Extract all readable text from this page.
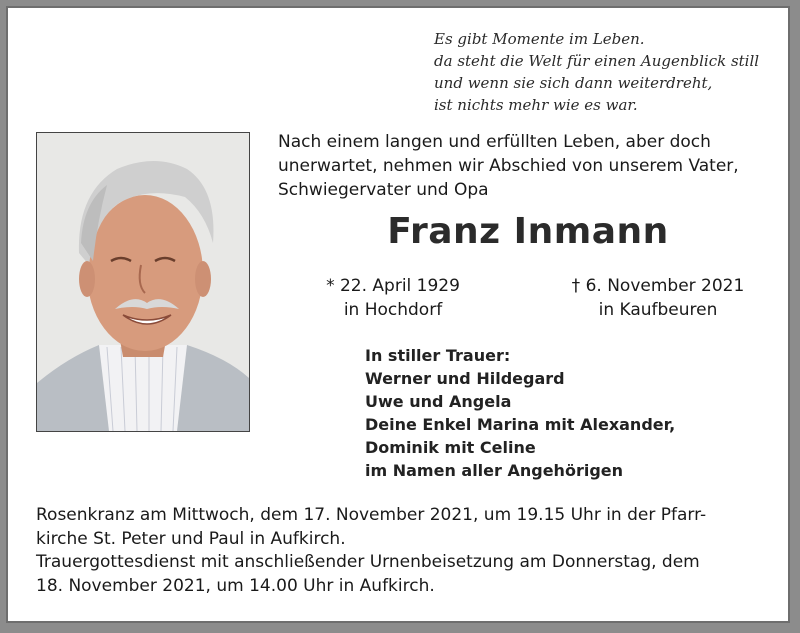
Es gibt Momente im Leben.
da steht die Welt für einen Augenblick still
und wenn sie sich dann weiterdreht,
ist nichts mehr wie es war.
Nach einem langen und erfüllten Leben, aber doch
unerwartet, nehmen wir Abschied von unserem Vater,
Schwiegervater und Opa
Franz Inmann
* 22. April 1929
in Hochdorf
† 6. November 2021
in Kaufbeuren
In stiller Trauer:
Werner und Hildegard
Uwe und Angela
Deine Enkel Marina mit Alexander,
Dominik mit Celine
im Namen aller Angehörigen
Rosenkranz am Mittwoch, dem 17. November 2021, um 19.15 Uhr in der Pfarr-
kirche St. Peter und Paul in Aufkirch.
Trauergottesdienst mit anschließender Urnenbeisetzung am Donnerstag, dem
18. November 2021, um 14.00 Uhr in Aufkirch.
